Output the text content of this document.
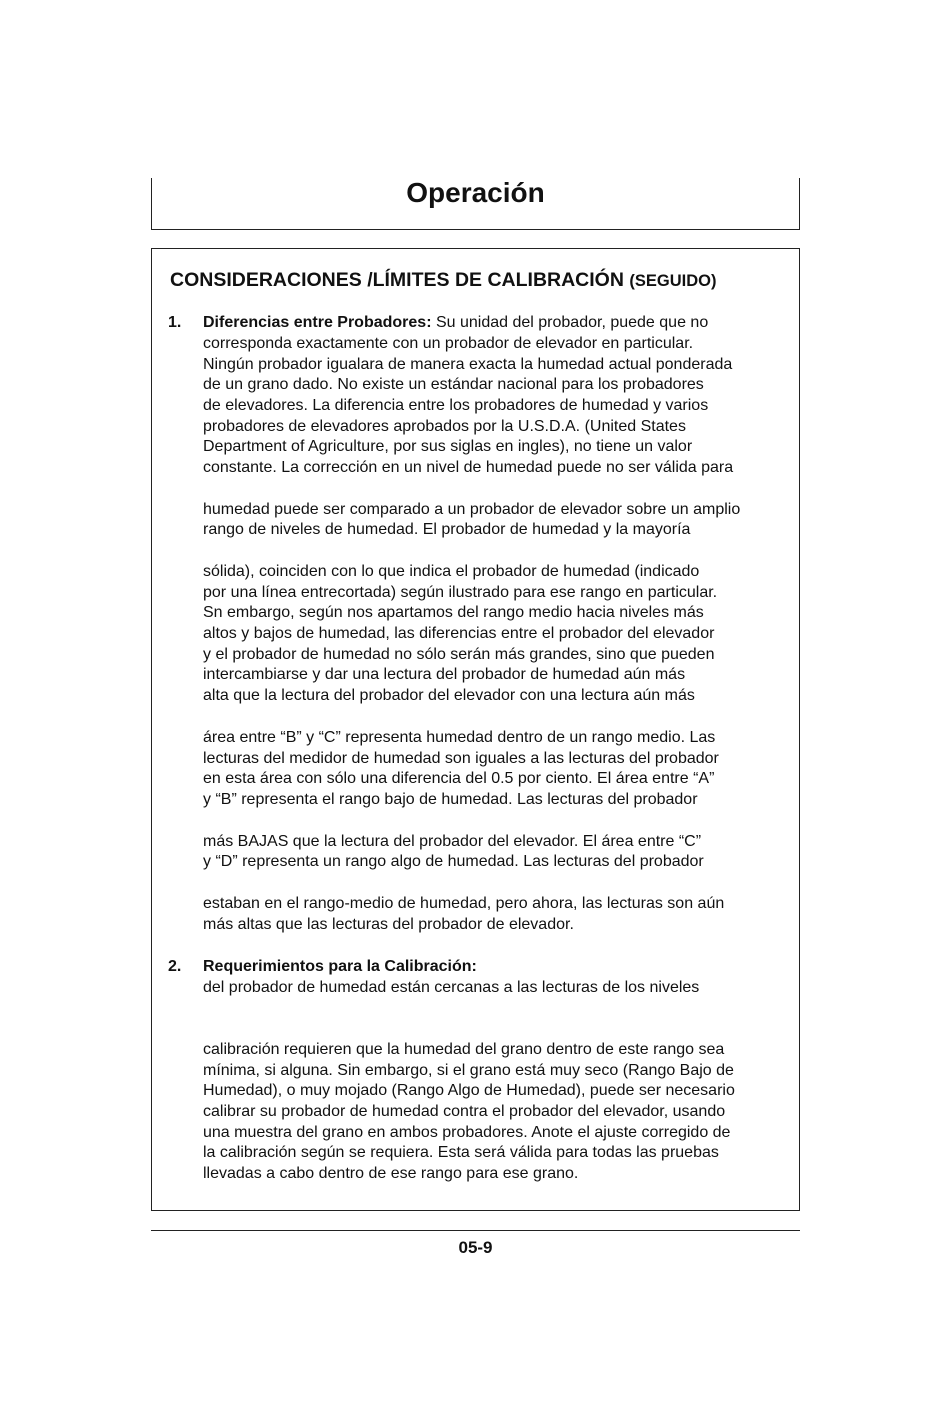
Operación
CONSIDERACIONES /LÍMITES DE CALIBRACIÓN (SEGUIDO)
1. Diferencias entre Probadores: Su unidad del probador, puede que no
corresponda exactamente con un probador de elevador en particular.
Ningún probador igualara de manera exacta la humedad actual ponderada
de un grano dado. No existe un estándar nacional para los probadores
de elevadores. La diferencia entre los probadores de humedad y varios
probadores de elevadores aprobados por la U.S.D.A. (United States
Department of Agriculture, por sus siglas en ingles), no tiene un valor
constante. La corrección en un nivel de humedad puede no ser válida para
humedad puede ser comparado a un probador de elevador sobre un amplio
rango de niveles de humedad. El probador de humedad y la mayoría
sólida), coinciden con lo que indica el probador de humedad (indicado
por una línea entrecortada) según ilustrado para ese rango en particular.
Sn embargo, según nos apartamos del rango medio hacia niveles más
altos y bajos de humedad, las diferencias entre el probador del elevador
y el probador de humedad no sólo serán más grandes, sino que pueden
intercambiarse y dar una lectura del probador de humedad aún más
alta que la lectura del probador del elevador con una lectura aún más
área entre “B” y “C” representa humedad dentro de un rango medio. Las
lecturas del medidor de humedad son iguales a las lecturas del probador
en esta área con sólo una diferencia del 0.5 por ciento. El área entre “A”
y “B” representa el rango bajo de humedad. Las lecturas del probador
más BAJAS que la lectura del probador del elevador. El área entre “C”
y “D” representa un rango algo de humedad. Las lecturas del probador
estaban en el rango-medio de humedad, pero ahora, las lecturas son aún
más altas que las lecturas del probador de elevador.
2. Requerimientos para la Calibración:
del probador de humedad están cercanas a las lecturas de los niveles
calibración requieren que la humedad del grano dentro de este rango sea
mínima, si alguna. Sin embargo, si el grano está muy seco (Rango Bajo de
Humedad), o muy mojado (Rango Algo de Humedad), puede ser necesario
calibrar su probador de humedad contra el probador del elevador, usando
una muestra del grano en ambos probadores. Anote el ajuste corregido de
la calibración según se requiera. Esta será válida para todas las pruebas
llevadas a cabo dentro de ese rango para ese grano.
05-9
